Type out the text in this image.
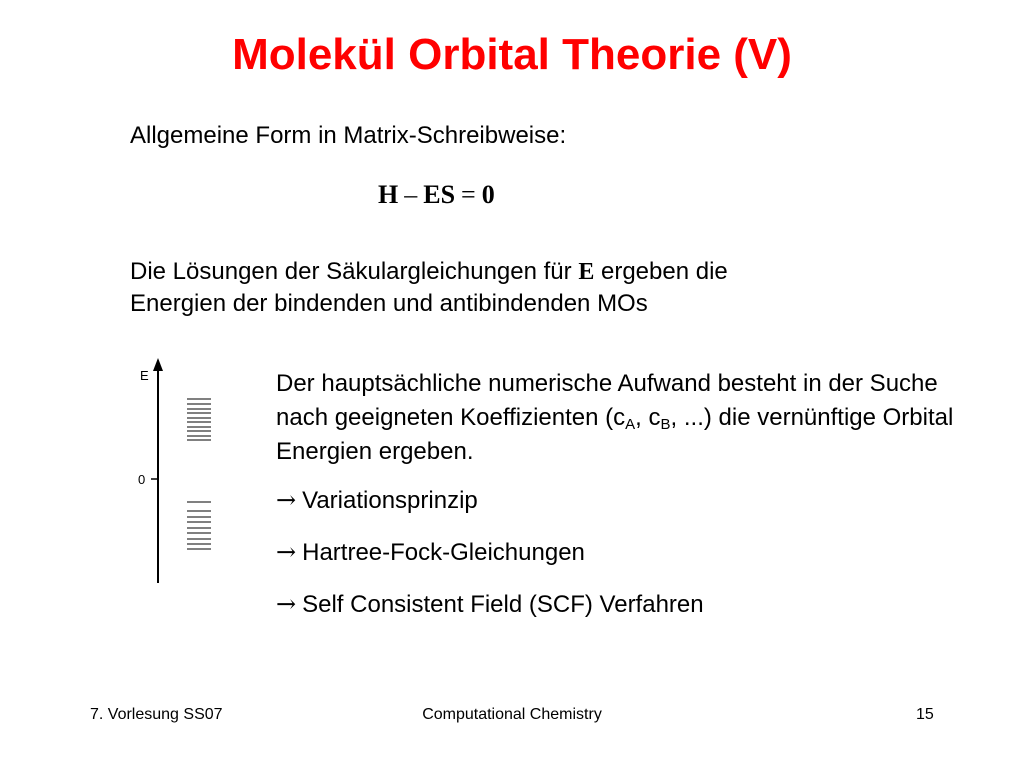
Molekül Orbital Theorie (V)
Allgemeine Form in Matrix-Schreibweise:
H – ES = 0
Die Lösungen der Säkulargleichungen für E ergeben die
Energien der bindenden und antibindenden MOs
E
0
Der hauptsächliche numerische Aufwand besteht in der Suche nach geeigneten Koeffizienten ($c_A$, $c_B$, ...) die vernünftige Orbital Energien ergeben.
→ Variationsprinzip
→ Hartree-Fock-Gleichungen
→ Self Consistent Field (SCF) Verfahren
7. Vorlesung SS07	Computational Chemistry	15
